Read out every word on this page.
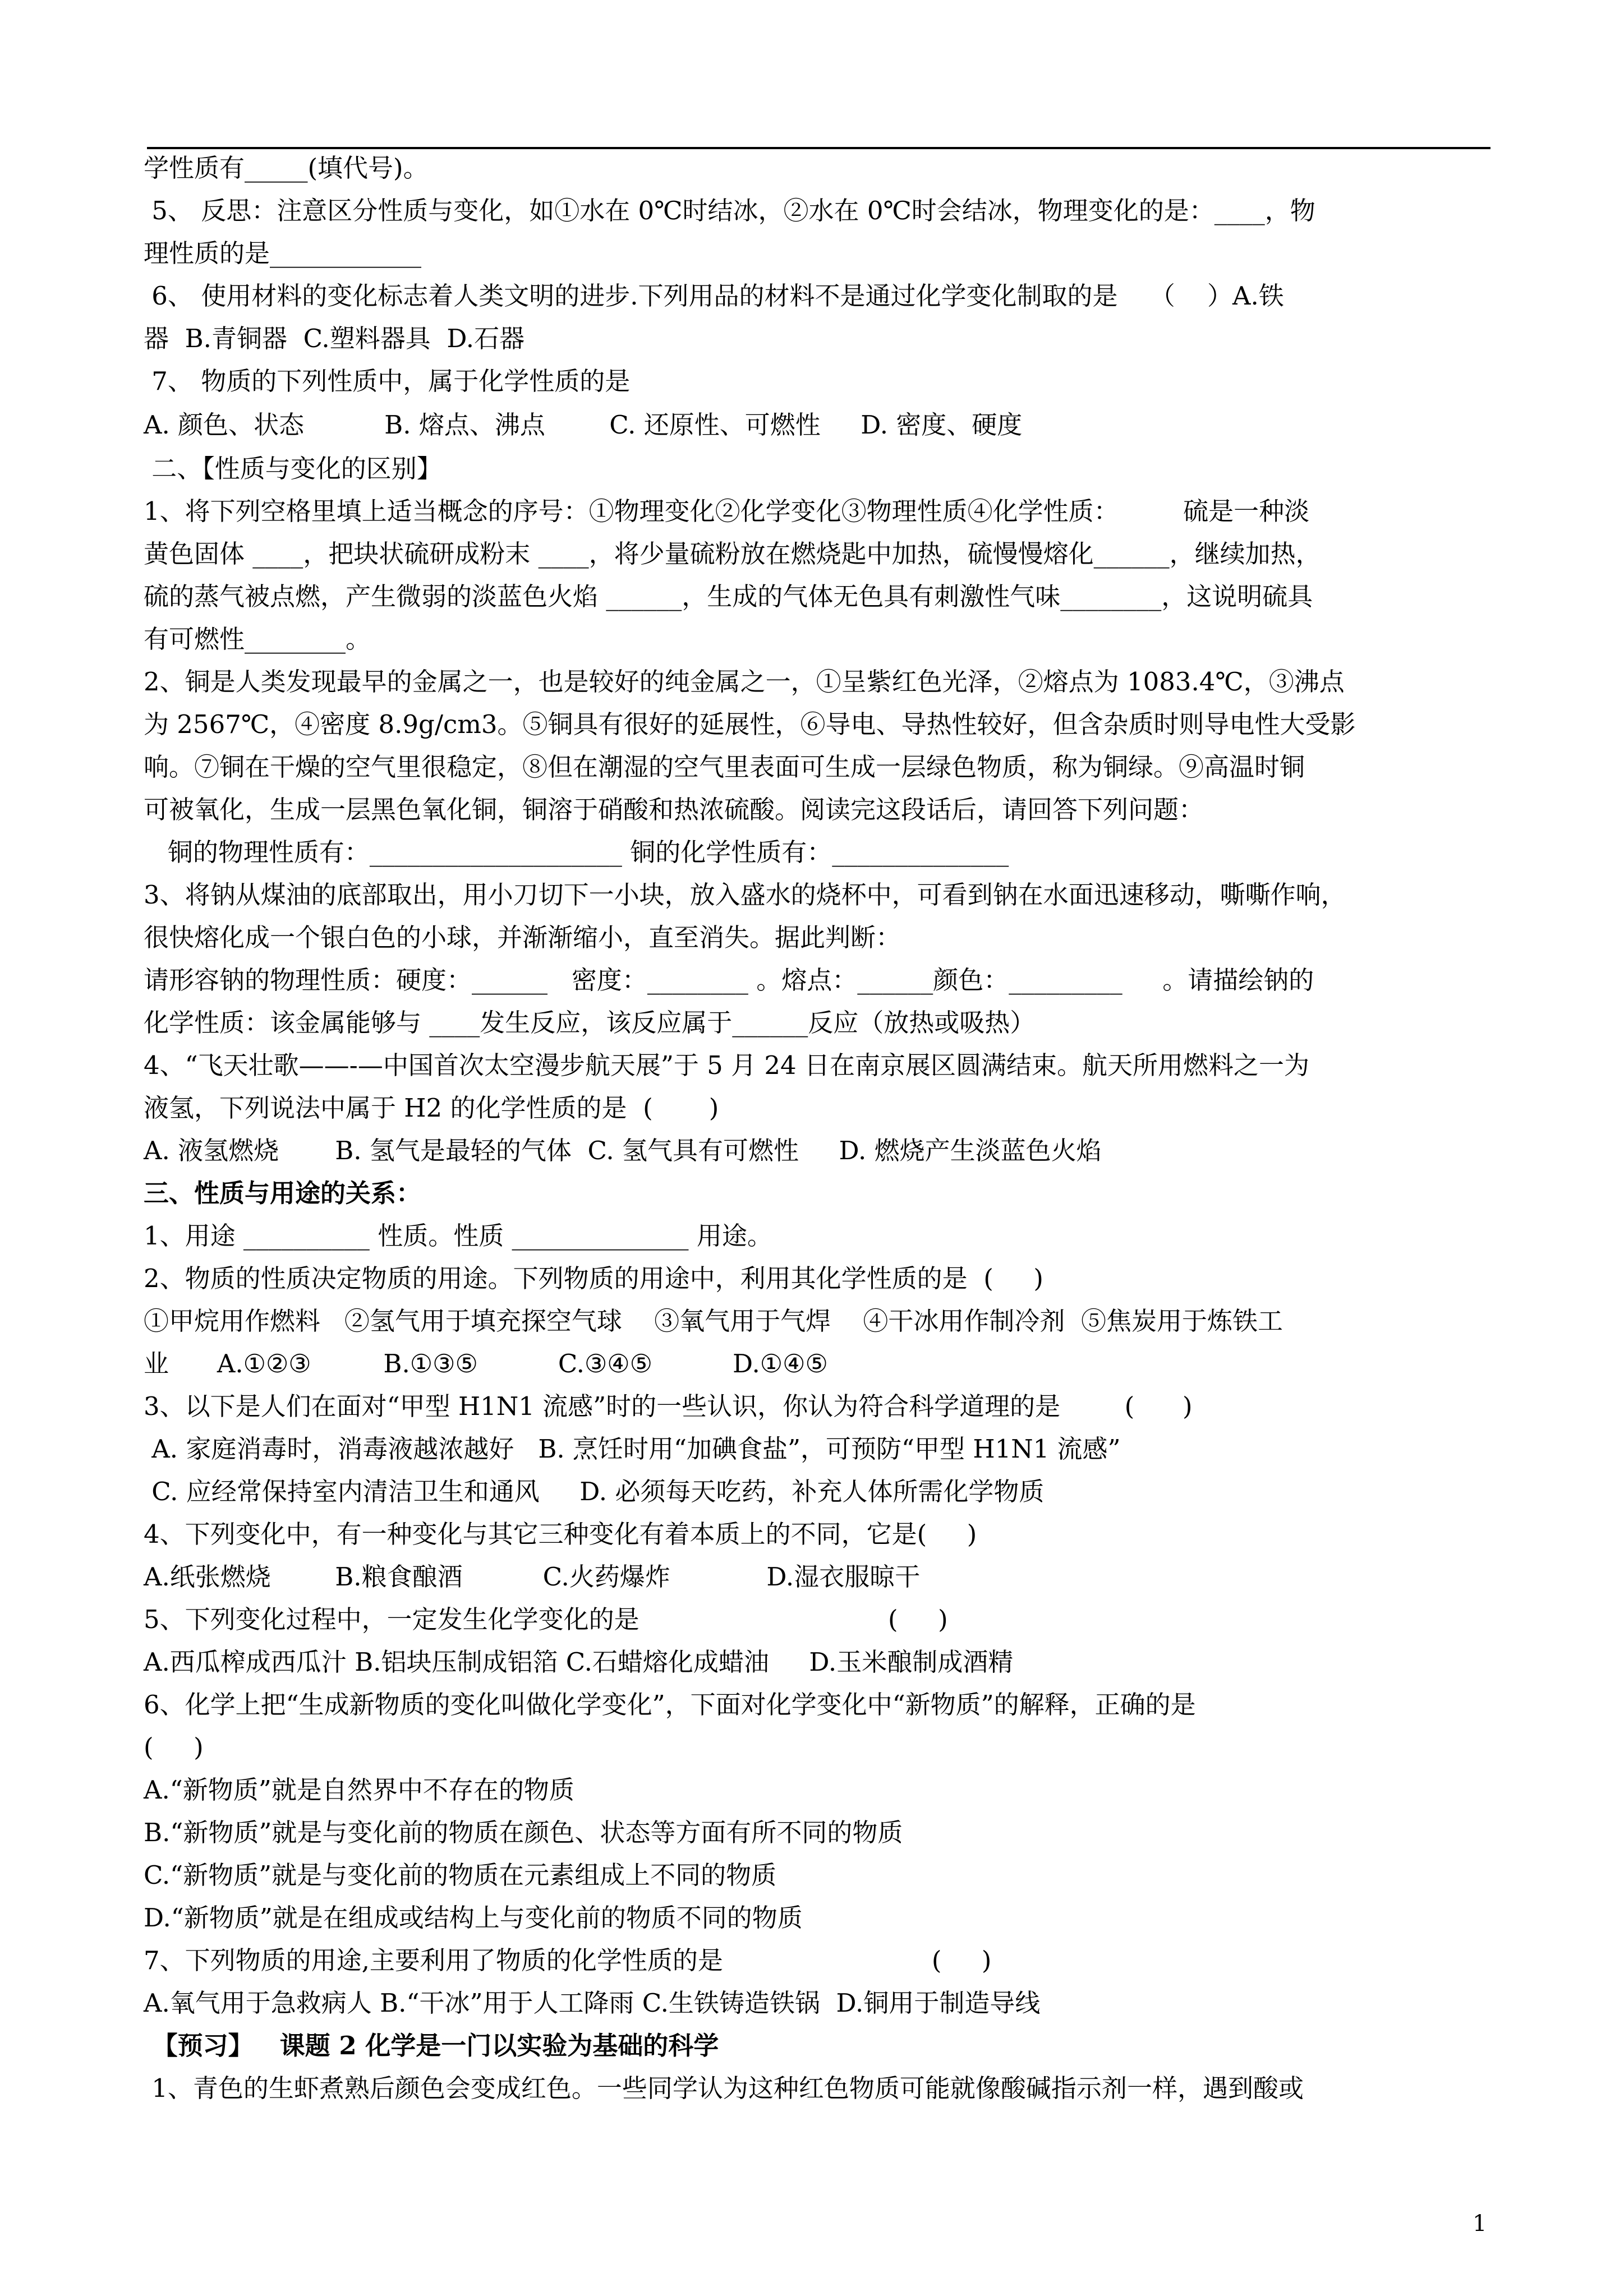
学性质有_____(填代号)。
5、 反思：注意区分性质与变化，如①水在 0℃时结冰，②水在 0℃时会结冰，物理变化的是：____，物
理性质的是____________
6、 使用材料的变化标志着人类文明的进步.下列用品的材料不是通过化学变化制取的是    （    ）A.铁
器  B.青铜器  C.塑料器具  D.石器
7、 物质的下列性质中，属于化学性质的是
A. 颜色、状态          B. 熔点、沸点        C. 还原性、可燃性     D. 密度、硬度
二、【性质与变化的区别】
1、将下列空格里填上适当概念的序号：①物理变化②化学变化③物理性质④化学性质：        硫是一种淡
黄色固体 ____，把块状硫研成粉末 ____，将少量硫粉放在燃烧匙中加热，硫慢慢熔化______，继续加热，
硫的蒸气被点燃，产生微弱的淡蓝色火焰 ______，生成的气体无色具有刺激性气味________，这说明硫具
有可燃性________。
2、铜是人类发现最早的金属之一，也是较好的纯金属之一，①呈紫红色光泽，②熔点为 1083.4℃，③沸点
为 2567℃，④密度 8.9g/cm3。⑤铜具有很好的延展性，⑥导电、导热性较好，但含杂质时则导电性大受影
响。⑦铜在干燥的空气里很稳定，⑧但在潮湿的空气里表面可生成一层绿色物质，称为铜绿。⑨高温时铜
可被氧化，生成一层黑色氧化铜，铜溶于硝酸和热浓硫酸。阅读完这段话后，请回答下列问题：
铜的物理性质有：____________________ 铜的化学性质有：______________
3、将钠从煤油的底部取出，用小刀切下一小块，放入盛水的烧杯中，可看到钠在水面迅速移动，嘶嘶作响，
很快熔化成一个银白色的小球，并渐渐缩小，直至消失。据此判断：
请形容钠的物理性质：硬度：______   密度：________ 。熔点：______颜色：_________     。请描绘钠的
化学性质：该金属能够与 ____发生反应，该反应属于______反应（放热或吸热）
4、“飞天壮歌——-—中国首次太空漫步航天展”于 5 月 24 日在南京展区圆满结束。航天所用燃料之一为
液氢，下列说法中属于 H2 的化学性质的是  (       )
A. 液氢燃烧       B. 氢气是最轻的气体  C. 氢气具有可燃性     D. 燃烧产生淡蓝色火焰
三、性质与用途的关系：
1、用途 __________ 性质。性质 ______________ 用途。
2、物质的性质决定物质的用途。下列物质的用途中，利用其化学性质的是  (     )
①甲烷用作燃料   ②氢气用于填充探空气球    ③氧气用于气焊    ④干冰用作制冷剂  ⑤焦炭用于炼铁工
业      A.①②③         B.①③⑤          C.③④⑤          D.①④⑤
3、以下是人们在面对“甲型 H1N1 流感”时的一些认识，你认为符合科学道理的是        (      )
A. 家庭消毒时，消毒液越浓越好   B. 烹饪时用“加碘食盐”，可预防“甲型 H1N1 流感”
C. 应经常保持室内清洁卫生和通风     D. 必须每天吃药，补充人体所需化学物质
4、下列变化中，有一种变化与其它三种变化有着本质上的不同，它是(     )
A.纸张燃烧        B.粮食酿酒          C.火药爆炸            D.湿衣服晾干
5、下列变化过程中，一定发生化学变化的是                               (     )
A.西瓜榨成西瓜汁 B.铝块压制成铝箔 C.石蜡熔化成蜡油     D.玉米酿制成酒精
6、化学上把“生成新物质的变化叫做化学变化”，下面对化学变化中“新物质”的解释，正确的是
(     )
A.“新物质”就是自然界中不存在的物质
B.“新物质”就是与变化前的物质在颜色、状态等方面有所不同的物质
C.“新物质”就是与变化前的物质在元素组成上不同的物质
D.“新物质”就是在组成或结构上与变化前的物质不同的物质
7、下列物质的用途,主要利用了物质的化学性质的是                          (     )
A.氧气用于急救病人 B.“干冰”用于人工降雨 C.生铁铸造铁锅  D.铜用于制造导线
【预习】   课题 2 化学是一门以实验为基础的科学
1、青色的生虾煮熟后颜色会变成红色。一些同学认为这种红色物质可能就像酸碱指示剂一样，遇到酸或
1
